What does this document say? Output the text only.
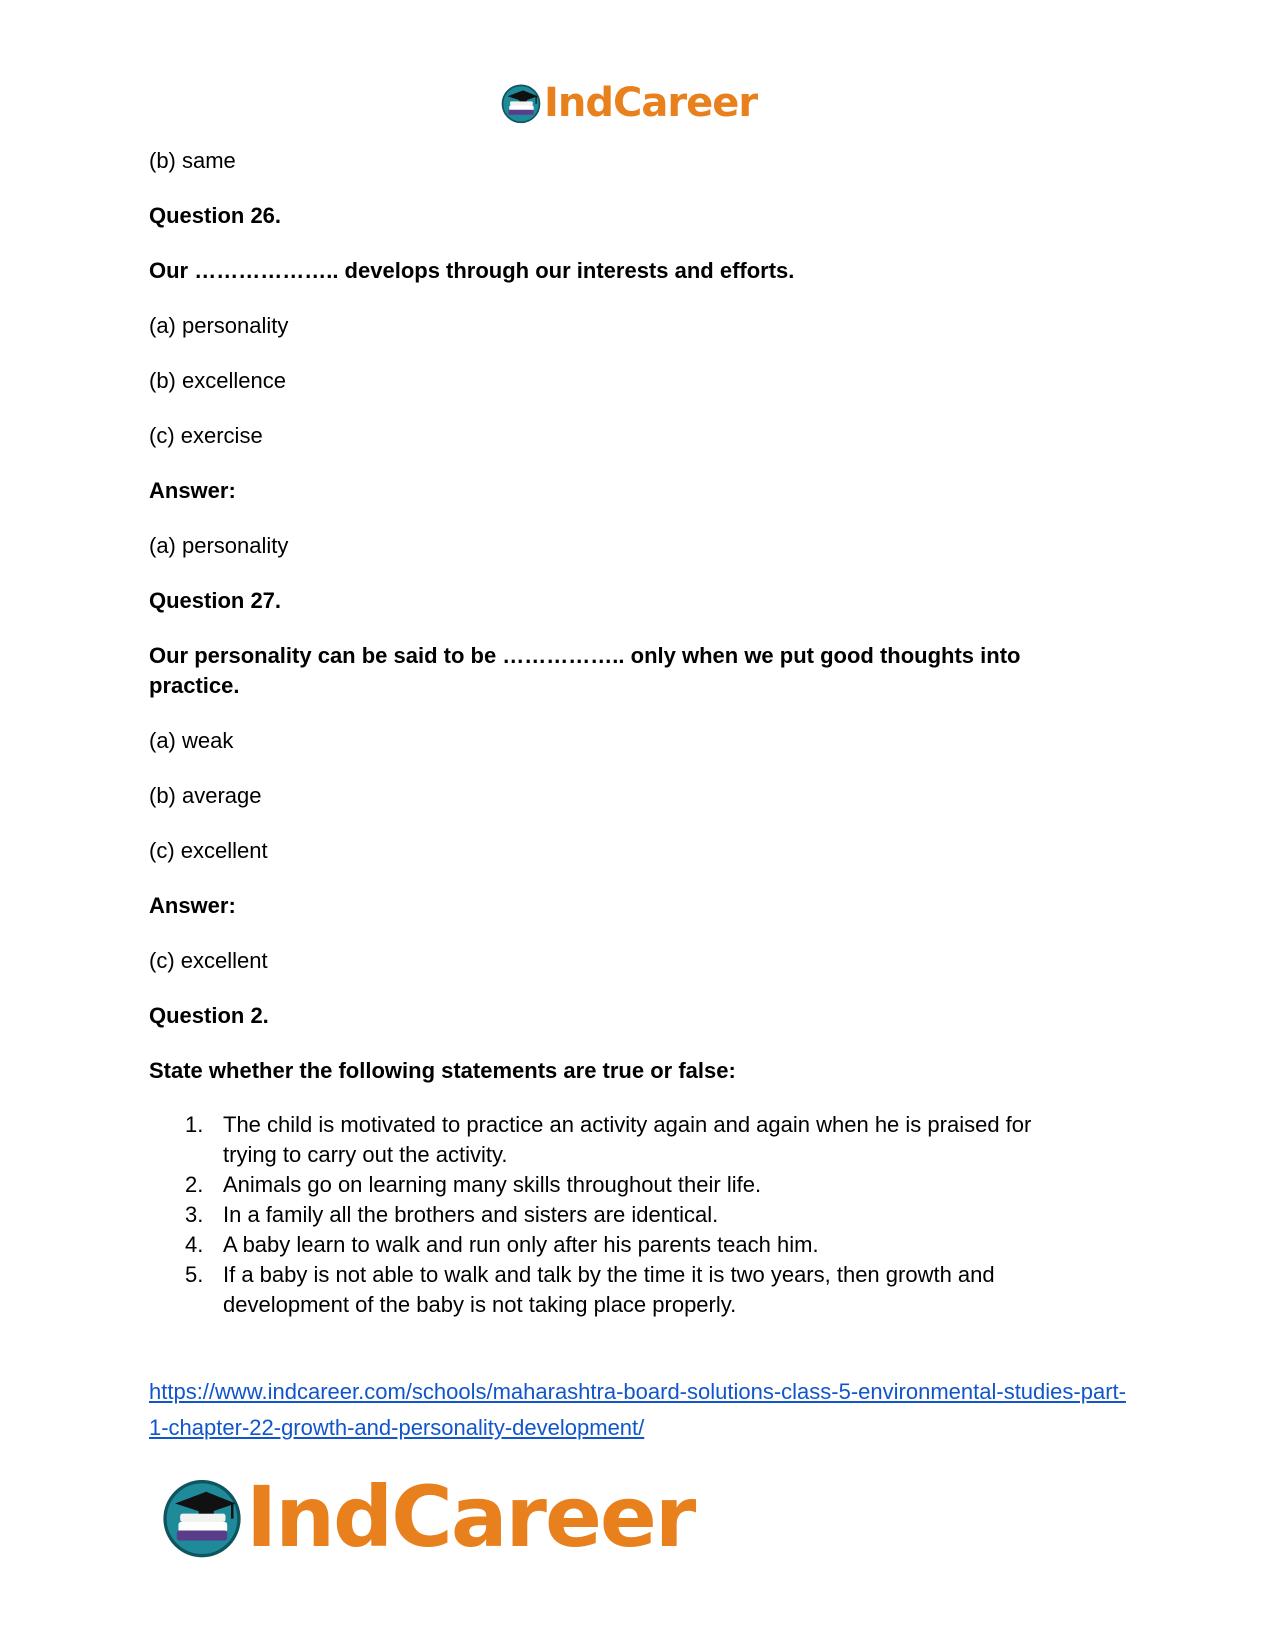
IndCareer
(b) same
Question 26.
Our ……………….. develops through our interests and efforts.
(a) personality
(b) excellence
(c) exercise
Answer:
(a) personality
Question 27.
Our personality can be said to be …………….. only when we put good thoughts into practice.
(a) weak
(b) average
(c) excellent
Answer:
(c) excellent
Question 2.
State whether the following statements are true or false:
1. The child is motivated to practice an activity again and again when he is praised for trying to carry out the activity.
2. Animals go on learning many skills throughout their life.
3. In a family all the brothers and sisters are identical.
4. A baby learn to walk and run only after his parents teach him.
5. If a baby is not able to walk and talk by the time it is two years, then growth and development of the baby is not taking place properly.
https://www.indcareer.com/schools/maharashtra-board-solutions-class-5-environmental-studies-part-1-chapter-22-growth-and-personality-development/
IndCareer
